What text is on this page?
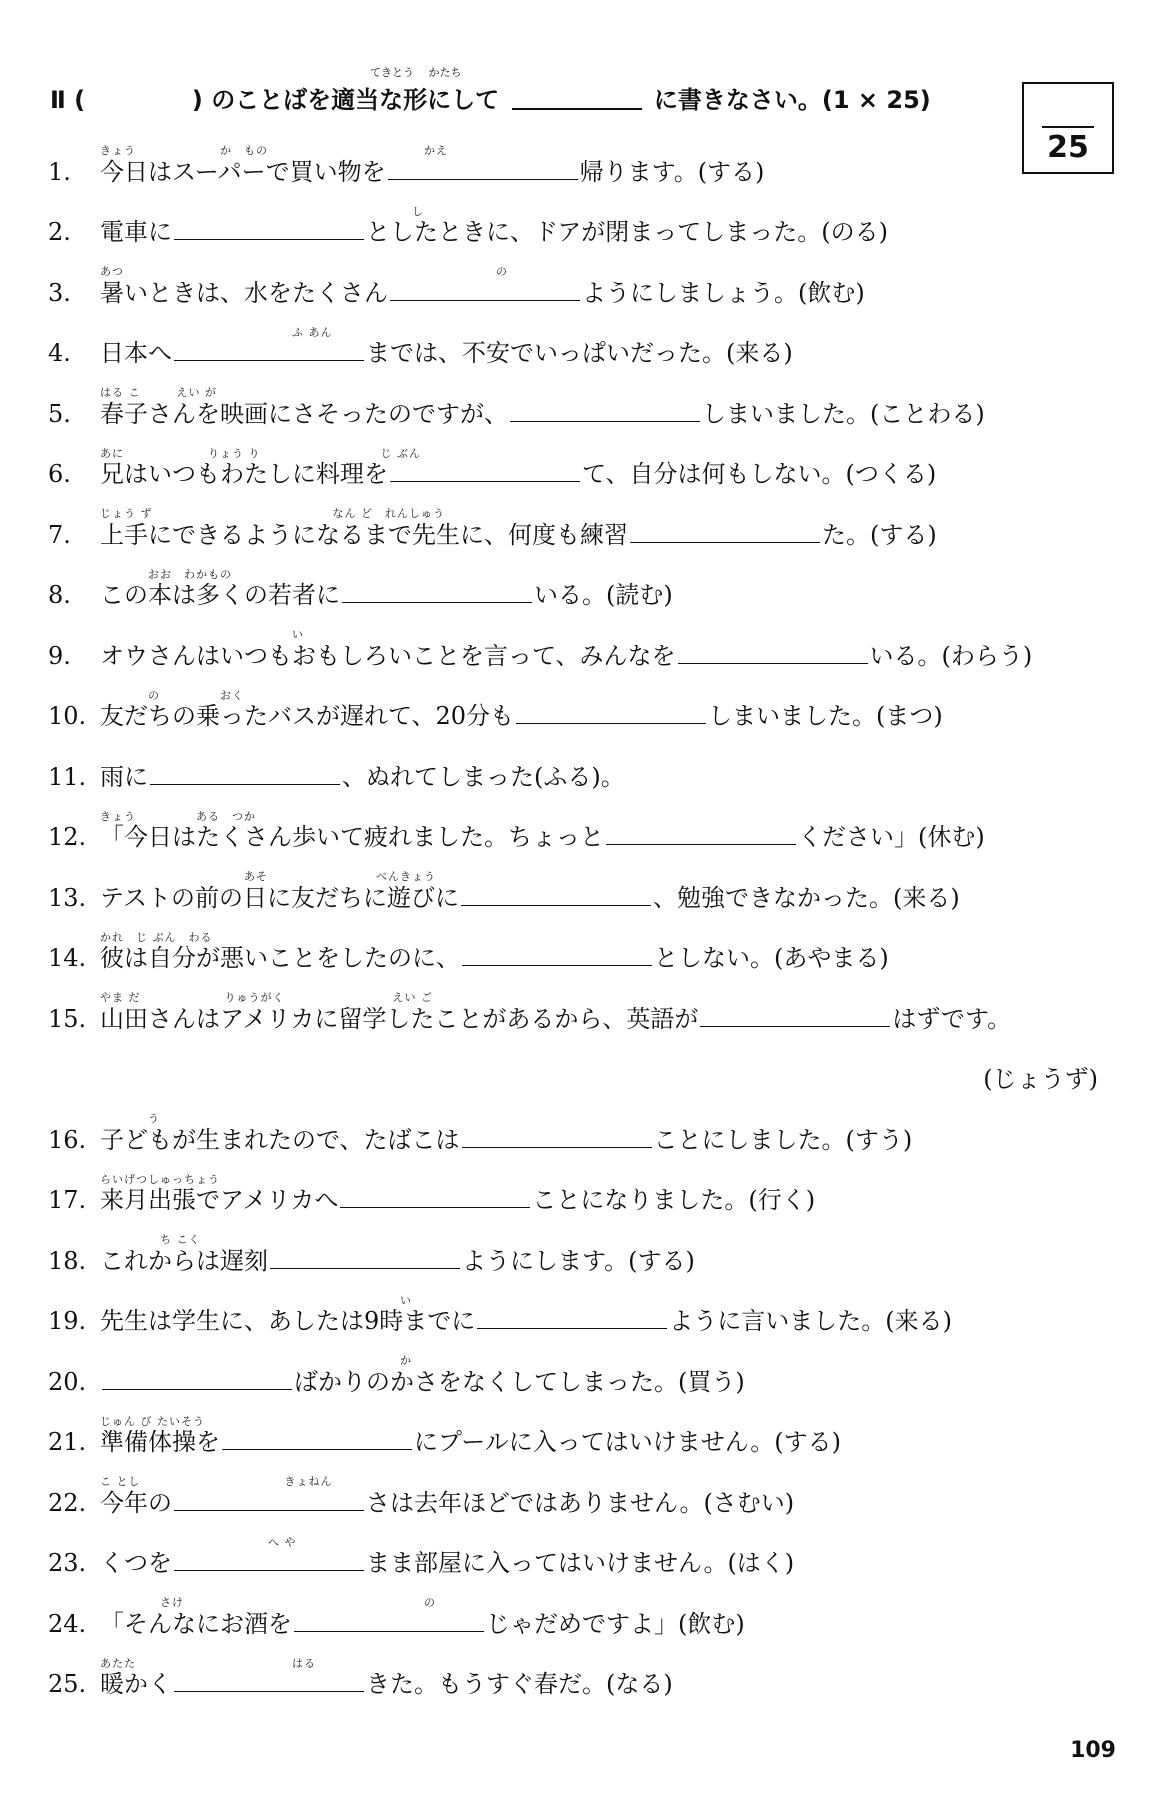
Ⅱ (	) のことばを適当な形にして	に書きなさい。(1 × 25)
てきとう　 かたち
25
きょう　　　　　　　か　もの　　　　　　　　　　　　　かえ
1. 今日はスーパーで買い物を	帰ります。(する)
　　　　　　　　　　　　　　　　　　　　　　　　　　し
2. 電車に	としたときに、ドアが閉まってしまった。(のる)
あつ　　　　　　　　　　　　　　　　　　　　　　　　　　　　　　　の
3. 暑いときは、水をたくさん	ようにしましょう。(飲む)
　　　　　　　　　　　　　　　　ふ あん
4. 日本へ	までは、不安でいっぱいだった。(来る)
はる こ　　　えい が
5. 春子さんを映画にさそったのですが、	しまいました。(ことわる)
あに　　　　　　　りょう り　　　　　　　　　　じ ぶん
6. 兄はいつもわたしに料理を	て、自分は何もしない。(つくる)
じょう ず　　　　　　　　　　　　　　　なん ど　れんしゅう
7. 上手にできるようになるまで先生に、何度も練習	た。(する)
　　　　おお　わかもの
8. この本は多くの若者に	いる。(読む)
　　　　　　　　　　　　　　　　い
9. オウさんはいつもおもしろいことを言って、みんなを	いる。(わらう)
　　　　の　　　　　おく
10. 友だちの乗ったバスが遅れて、20分も	しまいました。(まつ)
11. 雨に	、ぬれてしまった(ふる)。
きょう　　　　　ある　つか
12. 「今日はたくさん歩いて疲れました。ちょっと	ください」(休む)
　　　　　　　　　　　　あそ　　　　　　　　　べんきょう
13. テストの前の日に友だちに遊びに	、勉強できなかった。(来る)
かれ　じ ぶん　わる
14. 彼は自分が悪いことをしたのに、	としない。(あやまる)
やま だ　　　　　　　りゅうがく　　　　　　　　　えい ご
15. 山田さんはアメリカに留学したことがあるから、英語が	はずです。
(じょうず)
　　　　う
16. 子どもが生まれたので、たばこは	ことにしました。(すう)
らいげつしゅっちょう
17. 来月出張でアメリカへ	ことになりました。(行く)
　　　　　ち こく
18. これからは遅刻	ようにします。(する)
　　　　　　　　　　　　　　　　　　　　　　　　　い
19. 先生は学生に、あしたは9時までに	ように言いました。(来る)
　　　　　　　　　　　　　　　　　　　　　　　　　か
20.	ばかりのかさをなくしてしまった。(買う)
じゅん び たいそう
21. 準備体操を	にプールに入ってはいけません。(する)
こ とし　　　　　　　　　　　　きょねん
22. 今年の	さは去年ほどではありません。(さむい)
　　　　　　　　　　　　　　へ や
23. くつを	まま部屋に入ってはいけません。(はく)
　　　　　さけ　　　　　　　　　　　　　　　　　　　　の
24. 「そんなにお酒を	じゃだめですよ」(飲む)
あたた　　　　　　　　　　　　　はる
25. 暖かく	きた。もうすぐ春だ。(なる)
109
